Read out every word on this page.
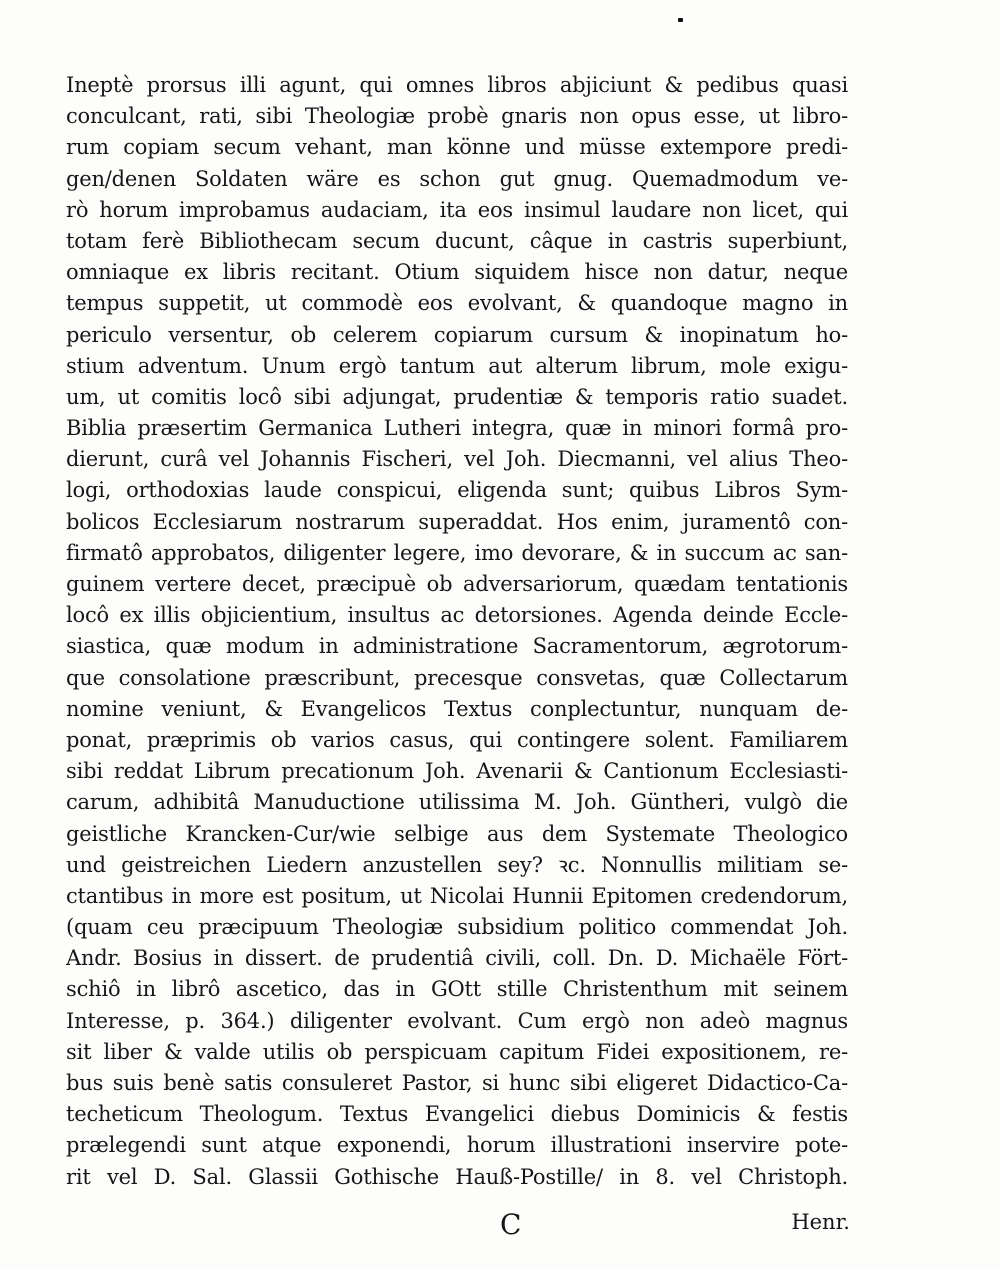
Ineptè prorsus illi agunt, qui omnes libros abjiciunt & pedibus quasi
conculcant, rati, sibi Theologiæ probè gnaris non opus esse, ut libro-
rum copiam secum vehant, man könne und müsse extempore predi-
gen/denen Soldaten wäre es schon gut gnug. Quemadmodum ve-
rò horum improbamus audaciam, ita eos insimul laudare non licet, qui
totam ferè Bibliothecam secum ducunt, câque in castris superbiunt,
omniaque ex libris recitant. Otium siquidem hisce non datur, neque
tempus suppetit, ut commodè eos evolvant, & quandoque magno in
periculo versentur, ob celerem copiarum cursum & inopinatum ho-
stium adventum. Unum ergò tantum aut alterum librum, mole exigu-
um, ut comitis locô sibi adjungat, prudentiæ & temporis ratio suadet.
Biblia præsertim Germanica Lutheri integra, quæ in minori formâ pro-
dierunt, curâ vel Johannis Fischeri, vel Joh. Diecmanni, vel alius Theo-
logi, orthodoxias laude conspicui, eligenda sunt; quibus Libros Sym-
bolicos Ecclesiarum nostrarum superaddat. Hos enim, juramentô con-
firmatô approbatos, diligenter legere, imo devorare, & in succum ac san-
guinem vertere decet, præcipuè ob adversariorum, quædam tentationis
locô ex illis objicientium, insultus ac detorsiones. Agenda deinde Eccle-
siastica, quæ modum in administratione Sacramentorum, ægrotorum-
que consolatione præscribunt, precesque consvetas, quæ Collectarum
nomine veniunt, & Evangelicos Textus conplectuntur, nunquam de-
ponat, præprimis ob varios casus, qui contingere solent. Familiarem
sibi reddat Librum precationum Joh. Avenarii & Cantionum Ecclesiasti-
carum, adhibitâ Manuductione utilissima M. Joh. Güntheri, vulgò die
geistliche Krancken-Cur/wie selbige aus dem Systemate Theologico
und geistreichen Liedern anzustellen sey? ꝛc. Nonnullis militiam se-
ctantibus in more est positum, ut Nicolai Hunnii Epitomen credendorum,
(quam ceu præcipuum Theologiæ subsidium politico commendat Joh.
Andr. Bosius in dissert. de prudentiâ civili, coll. Dn. D. Michaële Fört-
schiô in librô ascetico, das in GOtt stille Christenthum mit seinem
Interesse, p. 364.) diligenter evolvant. Cum ergò non adeò magnus
sit liber & valde utilis ob perspicuam capitum Fidei expositionem, re-
bus suis benè satis consuleret Pastor, si hunc sibi eligeret Didactico-Ca-
techeticum Theologum. Textus Evangelici diebus Dominicis & festis
prælegendi sunt atque exponendi, horum illustrationi inservire pote-
rit vel D. Sal. Glassii Gothische Hauß-Postille/ in 8. vel Christoph.
C	Henr.
